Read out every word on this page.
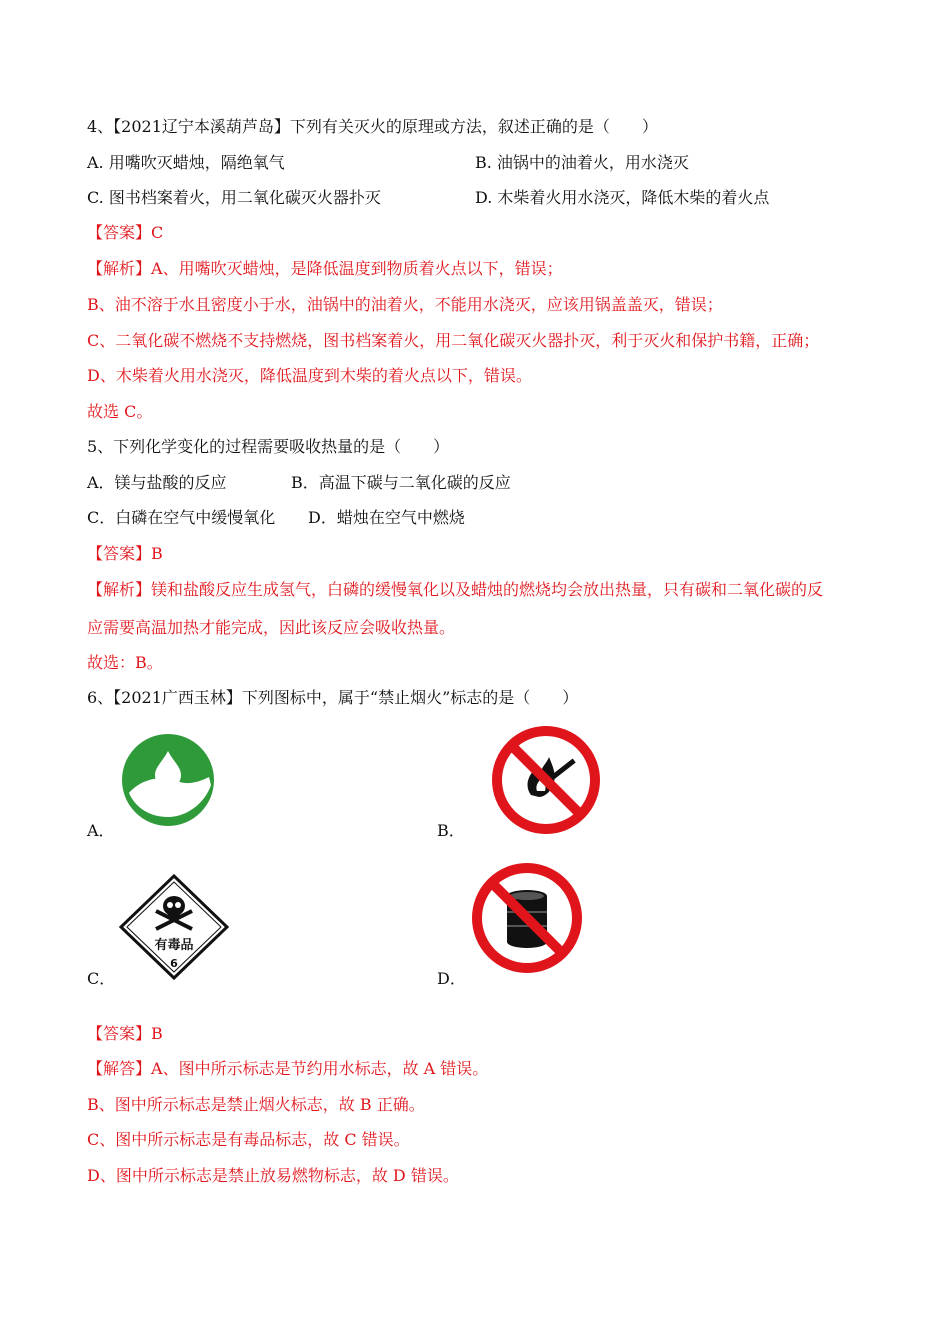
4、【2021辽宁本溪葫芦岛】下列有关灭火的原理或方法，叙述正确的是（　　）
A. 用嘴吹灭蜡烛，隔绝氧气	B. 油锅中的油着火，用水浇灭
C. 图书档案着火，用二氧化碳灭火器扑灭	D. 木柴着火用水浇灭，降低木柴的着火点
【答案】C
【解析】A、用嘴吹灭蜡烛，是降低温度到物质着火点以下，错误；
B、油不溶于水且密度小于水，油锅中的油着火，不能用水浇灭，应该用锅盖盖灭，错误；
C、二氧化碳不燃烧不支持燃烧，图书档案着火，用二氧化碳灭火器扑灭，利于灭火和保护书籍，正确；
D、木柴着火用水浇灭，降低温度到木柴的着火点以下，错误。
故选 C。
5、下列化学变化的过程需要吸收热量的是（　　）
A．镁与盐酸的反应	B．高温下碳与二氧化碳的反应
C．白磷在空气中缓慢氧化 D．蜡烛在空气中燃烧
【答案】B
【解析】镁和盐酸反应生成氢气，白磷的缓慢氧化以及蜡烛的燃烧均会放出热量，只有碳和二氧化碳的反
应需要高温加热才能完成，因此该反应会吸收热量。
故选：B。
6、【2021广西玉林】下列图标中，属于“禁止烟火”标志的是（　　）
A．	B．
有毒品
6
C．	D．
【答案】B
【解答】A、图中所示标志是节约用水标志，故 A 错误。
B、图中所示标志是禁止烟火标志，故 B 正确。
C、图中所示标志是有毒品标志，故 C 错误。
D、图中所示标志是禁止放易燃物标志，故 D 错误。
